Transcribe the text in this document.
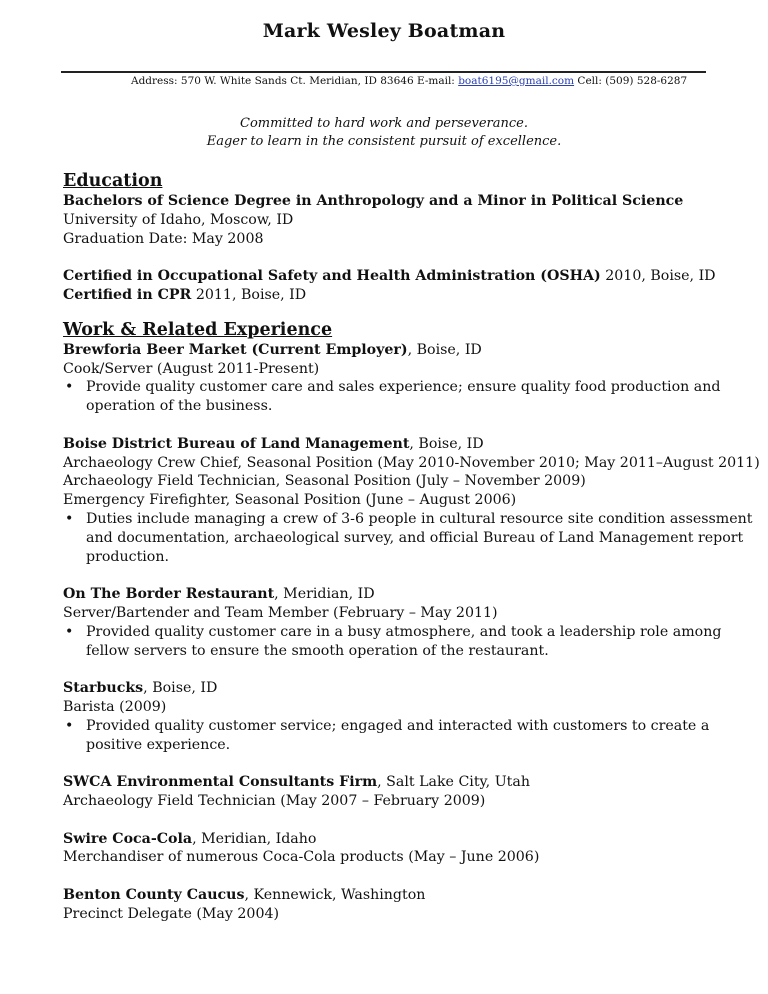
Mark Wesley Boatman
Address: 570 W. White Sands Ct. Meridian, ID 83646 E-mail: boat6195@gmail.com Cell: (509) 528-6287
Committed to hard work and perseverance.
Eager to learn in the consistent pursuit of excellence.
Education
Bachelors of Science Degree in Anthropology and a Minor in Political Science
University of Idaho, Moscow, ID
Graduation Date: May 2008
Certified in Occupational Safety and Health Administration (OSHA) 2010, Boise, ID
Certified in CPR 2011, Boise, ID
Work & Related Experience
Brewforia Beer Market (Current Employer), Boise, ID
Cook/Server (August 2011-Present)
• Provide quality customer care and sales experience; ensure quality food production and
operation of the business.
Boise District Bureau of Land Management, Boise, ID
Archaeology Crew Chief, Seasonal Position (May 2010-November 2010; May 2011–August 2011)
Archaeology Field Technician, Seasonal Position (July – November 2009)
Emergency Firefighter, Seasonal Position (June – August 2006)
• Duties include managing a crew of 3-6 people in cultural resource site condition assessment
and documentation, archaeological survey, and official Bureau of Land Management report
production.
On The Border Restaurant, Meridian, ID
Server/Bartender and Team Member (February – May 2011)
• Provided quality customer care in a busy atmosphere, and took a leadership role among
fellow servers to ensure the smooth operation of the restaurant.
Starbucks, Boise, ID
Barista (2009)
• Provided quality customer service; engaged and interacted with customers to create a
positive experience.
SWCA Environmental Consultants Firm, Salt Lake City, Utah
Archaeology Field Technician (May 2007 – February 2009)
Swire Coca-Cola, Meridian, Idaho
Merchandiser of numerous Coca-Cola products (May – June 2006)
Benton County Caucus, Kennewick, Washington
Precinct Delegate (May 2004)
